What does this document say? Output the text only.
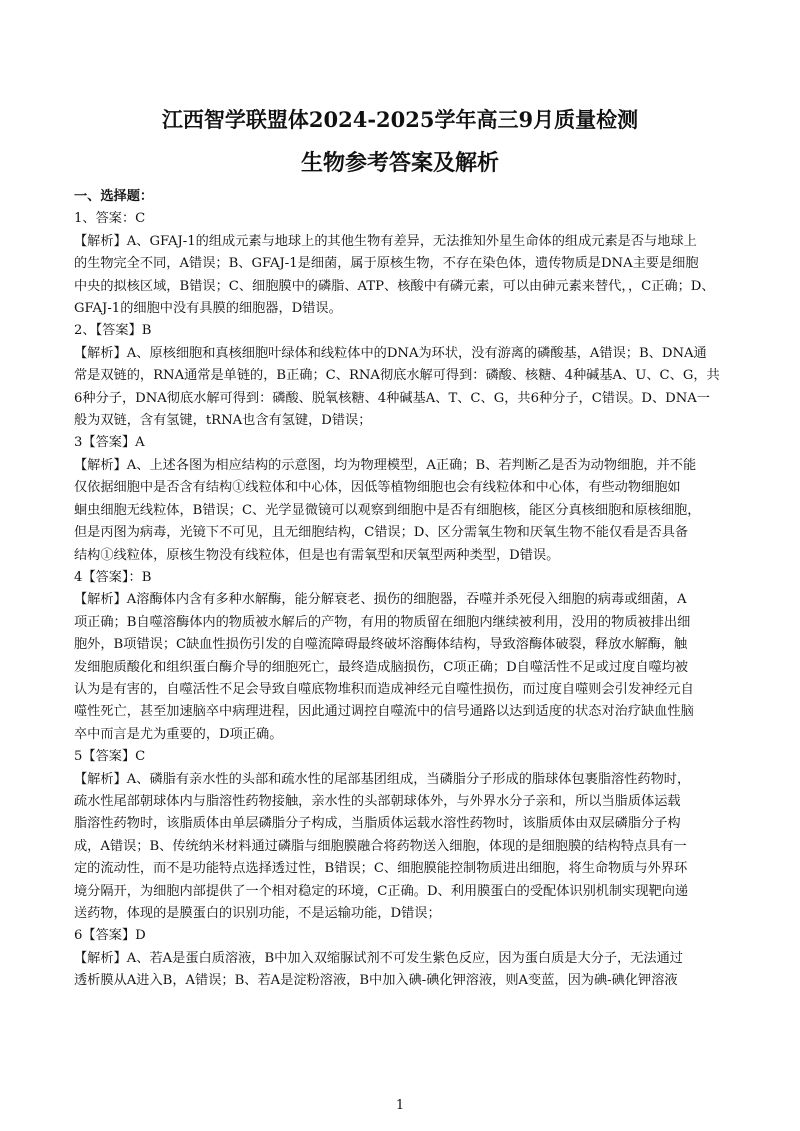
江西智学联盟体2024-2025学年高三9月质量检测
生物参考答案及解析
一、选择题：
1、答案：C

【解析】A、GFAJ-1的组成元素与地球上的其他生物有差异，无法推知外星生命体的组成元素是否与地球上

的生物完全不同，A错误；B、GFAJ-1是细菌，属于原核生物，不存在染色体，遗传物质是DNA主要是细胞

中央的拟核区域，B错误；C、细胞膜中的磷脂、ATP、核酸中有磷元素，可以由砷元素来替代，，C正确；D、

GFAJ-1的细胞中没有具膜的细胞器，D错误。

2、【答案】B

【解析】A、原核细胞和真核细胞叶绿体和线粒体中的DNA为环状，没有游离的磷酸基，A错误；B、DNA通

常是双链的，RNA通常是单链的，B正确；C、RNA彻底水解可得到：磷酸、核糖、4种碱基A、U、C、G，共

6种分子，DNA彻底水解可得到：磷酸、脱氧核糖、4种碱基A、T、C、G，共6种分子，C错误。D、DNA一

般为双链，含有氢键，tRNA也含有氢键，D错误；

3【答案】A

【解析】A、上述各图为相应结构的示意图，均为物理模型，A正确；B、若判断乙是否为动物细胞，并不能

仅依据细胞中是否含有结构①线粒体和中心体，因低等植物细胞也会有线粒体和中心体，有些动物细胞如

蛔虫细胞无线粒体，B错误；C、光学显微镜可以观察到细胞中是否有细胞核，能区分真核细胞和原核细胞，

但是丙图为病毒，光镜下不可见，且无细胞结构，C错误；D、区分需氧生物和厌氧生物不能仅看是否具备

结构①线粒体，原核生物没有线粒体，但是也有需氧型和厌氧型两种类型，D错误。

4【答案】：B

【解析】A溶酶体内含有多种水解酶，能分解衰老、损伤的细胞器，吞噬并杀死侵入细胞的病毒或细菌，A

项正确；B自噬溶酶体内的物质被水解后的产物，有用的物质留在细胞内继续被利用，没用的物质被排出细

胞外，B项错误；C缺血性损伤引发的自噬流障碍最终破坏溶酶体结构，导致溶酶体破裂，释放水解酶，触

发细胞质酸化和组织蛋白酶介导的细胞死亡，最终造成脑损伤，C项正确；D自噬活性不足或过度自噬均被

认为是有害的，自噬活性不足会导致自噬底物堆积而造成神经元自噬性损伤，而过度自噬则会引发神经元自

噬性死亡，甚至加速脑卒中病理进程，因此通过调控自噬流中的信号通路以达到适度的状态对治疗缺血性脑

卒中而言是尤为重要的，D项正确。

5【答案】C

【解析】A、磷脂有亲水性的头部和疏水性的尾部基团组成，当磷脂分子形成的脂球体包裹脂溶性药物时，

疏水性尾部朝球体内与脂溶性药物接触，亲水性的头部朝球体外，与外界水分子亲和，所以当脂质体运载

脂溶性药物时，该脂质体由单层磷脂分子构成，当脂质体运载水溶性药物时，该脂质体由双层磷脂分子构

成，A错误；B、传统纳米材料通过磷脂与细胞膜融合将药物送入细胞，体现的是细胞膜的结构特点具有一

定的流动性，而不是功能特点选择透过性，B错误；C、细胞膜能控制物质进出细胞，将生命物质与外界环

境分隔开，为细胞内部提供了一个相对稳定的环境，C正确。D、利用膜蛋白的受配体识别机制实现靶向递

送药物，体现的是膜蛋白的识别功能，不是运输功能，D错误；

6【答案】D

【解析】A、若A是蛋白质溶液，B中加入双缩脲试剂不可发生紫色反应，因为蛋白质是大分子，无法通过

透析膜从A进入B，A错误；B、若A是淀粉溶液，B中加入碘-碘化钾溶液，则A变蓝，因为碘-碘化钾溶液

1
